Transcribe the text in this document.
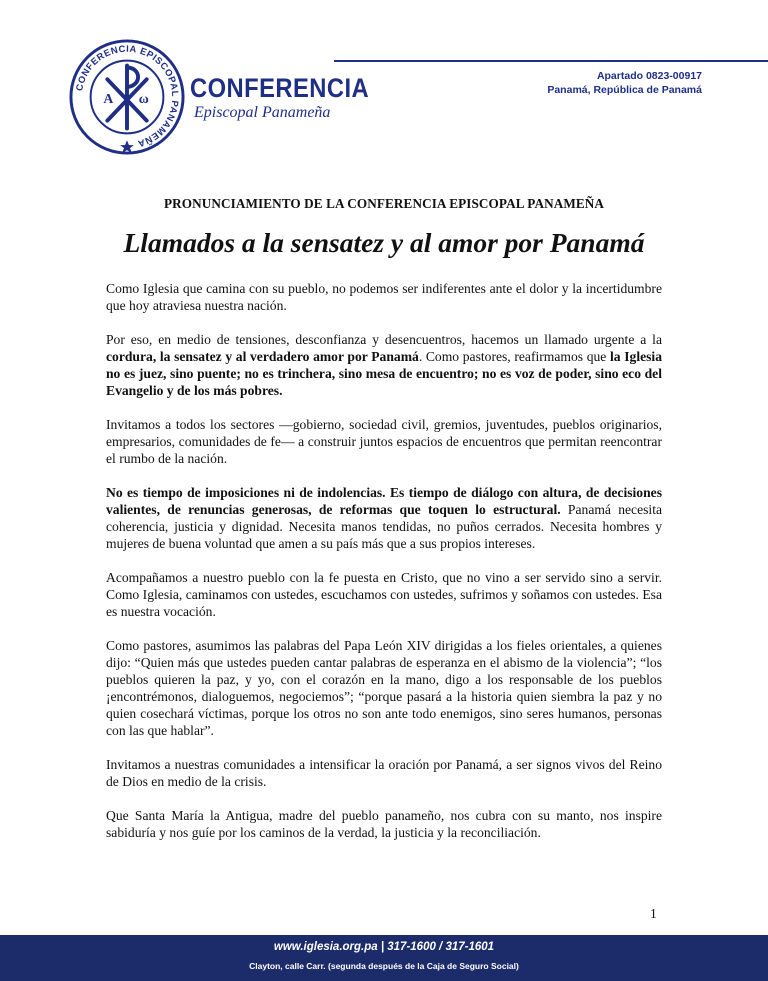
CONFERENCIA EPISCOPAL PANAMEÑA
A ω CONFERENCIA
Episcopal Panameña
Apartado 0823-00917
Panamá, República de Panamá
PRONUNCIAMIENTO DE LA CONFERENCIA EPISCOPAL PANAMEÑA
Llamados a la sensatez y al amor por Panamá

Como Iglesia que camina con su pueblo, no podemos ser indiferentes ante el dolor y la incertidumbre que hoy atraviesa nuestra nación.

Por eso, en medio de tensiones, desconfianza y desencuentros, hacemos un llamado urgente a la cordura, la sensatez y al verdadero amor por Panamá. Como pastores, reafirmamos que la Iglesia no es juez, sino puente; no es trinchera, sino mesa de encuentro; no es voz de poder, sino eco del Evangelio y de los más pobres.

Invitamos a todos los sectores —gobierno, sociedad civil, gremios, juventudes, pueblos originarios, empresarios, comunidades de fe— a construir juntos espacios de encuentros que permitan reencontrar el rumbo de la nación.

No es tiempo de imposiciones ni de indolencias. Es tiempo de diálogo con altura, de decisiones valientes, de renuncias generosas, de reformas que toquen lo estructural. Panamá necesita coherencia, justicia y dignidad. Necesita manos tendidas, no puños cerrados. Necesita hombres y mujeres de buena voluntad que amen a su país más que a sus propios intereses.

Acompañamos a nuestro pueblo con la fe puesta en Cristo, que no vino a ser servido sino a servir. Como Iglesia, caminamos con ustedes, escuchamos con ustedes, sufrimos y soñamos con ustedes. Esa es nuestra vocación.

Como pastores, asumimos las palabras del Papa León XIV dirigidas a los fieles orientales, a quienes dijo: “Quien más que ustedes pueden cantar palabras de esperanza en el abismo de la violencia”; “los pueblos quieren la paz, y yo, con el corazón en la mano, digo a los responsable de los pueblos ¡encontrémonos, dialoguemos, negociemos”; “porque pasará a la historia quien siembra la paz y no quien cosechará víctimas, porque los otros no son ante todo enemigos, sino seres humanos, personas con las que hablar”.

Invitamos a nuestras comunidades a intensificar la oración por Panamá, a ser signos vivos del Reino de Dios en medio de la crisis.

Que Santa María la Antigua, madre del pueblo panameño, nos cubra con su manto, nos inspire sabiduría y nos guíe por los caminos de la verdad, la justicia y la reconciliación.

1
www.iglesia.org.pa | 317-1600 / 317-1601
Clayton, calle Carr. (segunda después de la Caja de Seguro Social)
